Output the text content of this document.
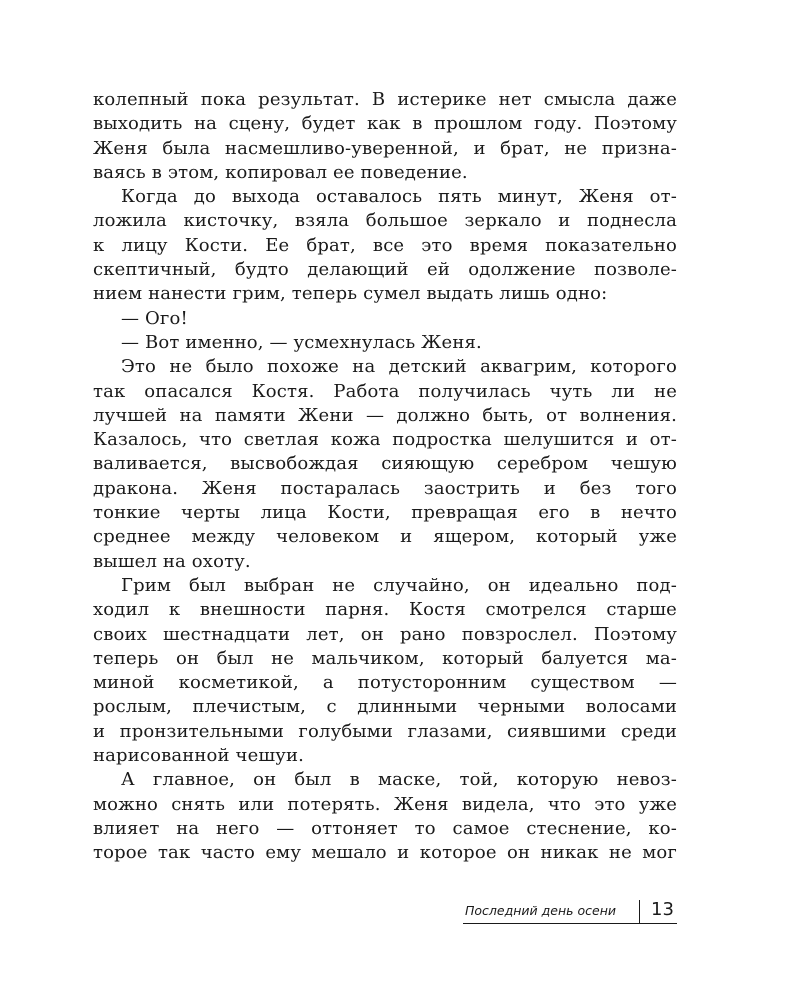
колепный пока результат. В истерике нет смысла даже
выходить на сцену, будет как в прошлом году. Поэтому
Женя была насмешливо-уверенной, и брат, не призна-
ваясь в этом, копировал ее поведение.
Когда до выхода оставалось пять минут, Женя от-
ложила кисточку, взяла большое зеркало и поднесла
к лицу Кости. Ее брат, все это время показательно
скептичный, будто делающий ей одолжение позволе-
нием нанести грим, теперь сумел выдать лишь одно:
— Ого!
— Вот именно, — усмехнулась Женя.
Это не было похоже на детский аквагрим, которого
так опасался Костя. Работа получилась чуть ли не
лучшей на памяти Жени — должно быть, от волнения.
Казалось, что светлая кожа подростка шелушится и от-
валивается, высвобождая сияющую серебром чешую
дракона. Женя постаралась заострить и без того
тонкие черты лица Кости, превращая его в нечто
среднее между человеком и ящером, который уже
вышел на охоту.
Грим был выбран не случайно, он идеально под-
ходил к внешности парня. Костя смотрелся старше
своих шестнадцати лет, он рано повзрослел. Поэтому
теперь он был не мальчиком, который балуется ма-
миной косметикой, а потусторонним существом —
рослым, плечистым, с длинными черными волосами
и пронзительными голубыми глазами, сиявшими среди
нарисованной чешуи.
А главное, он был в маске, той, которую невоз-
можно снять или потерять. Женя видела, что это уже
влияет на него — оттоняет то самое стеснение, ко-
торое так часто ему мешало и которое он никак не мог
Последний день осени 13
